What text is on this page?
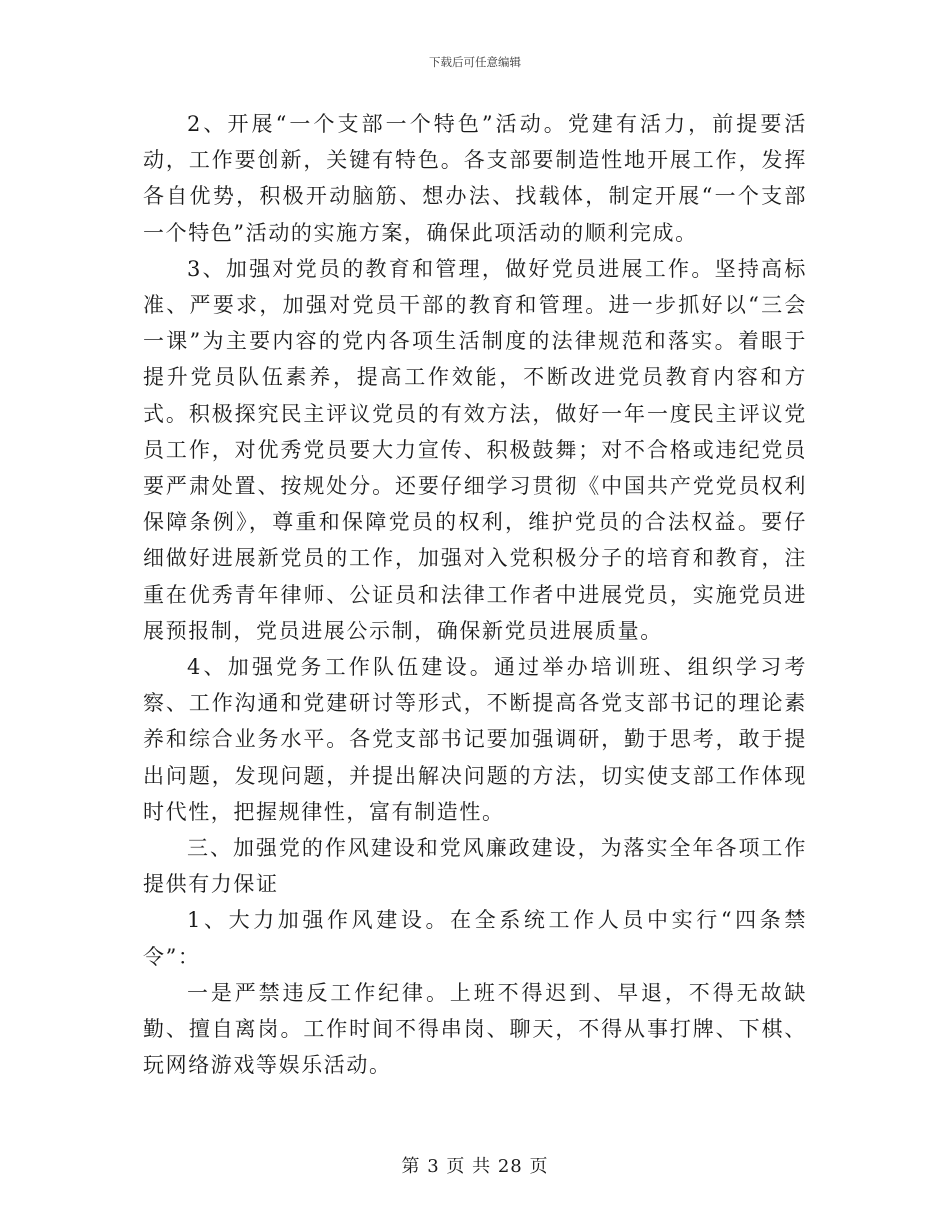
下载后可任意编辑

2、开展“一个支部一个特色”活动。党建有活力，前提要活动，工作要创新，关键有特色。各支部要制造性地开展工作，发挥各自优势，积极开动脑筋、想办法、找载体，制定开展“一个支部一个特色”活动的实施方案，确保此项活动的顺利完成。

3、加强对党员的教育和管理，做好党员进展工作。坚持高标准、严要求，加强对党员干部的教育和管理。进一步抓好以“三会一课”为主要内容的党内各项生活制度的法律规范和落实。着眼于提升党员队伍素养，提高工作效能，不断改进党员教育内容和方式。积极探究民主评议党员的有效方法，做好一年一度民主评议党员工作，对优秀党员要大力宣传、积极鼓舞；对不合格或违纪党员要严肃处置、按规处分。还要仔细学习贯彻《中国共产党党员权利保障条例》，尊重和保障党员的权利，维护党员的合法权益。要仔细做好进展新党员的工作，加强对入党积极分子的培育和教育，注重在优秀青年律师、公证员和法律工作者中进展党员，实施党员进展预报制，党员进展公示制，确保新党员进展质量。

4、加强党务工作队伍建设。通过举办培训班、组织学习考察、工作沟通和党建研讨等形式，不断提高各党支部书记的理论素养和综合业务水平。各党支部书记要加强调研，勤于思考，敢于提出问题，发现问题，并提出解决问题的方法，切实使支部工作体现时代性，把握规律性，富有制造性。

三、加强党的作风建设和党风廉政建设，为落实全年各项工作提供有力保证

1、大力加强作风建设。在全系统工作人员中实行“四条禁令”：

一是严禁违反工作纪律。上班不得迟到、早退，不得无故缺勤、擅自离岗。工作时间不得串岗、聊天，不得从事打牌、下棋、玩网络游戏等娱乐活动。

第 3 页 共 28 页
